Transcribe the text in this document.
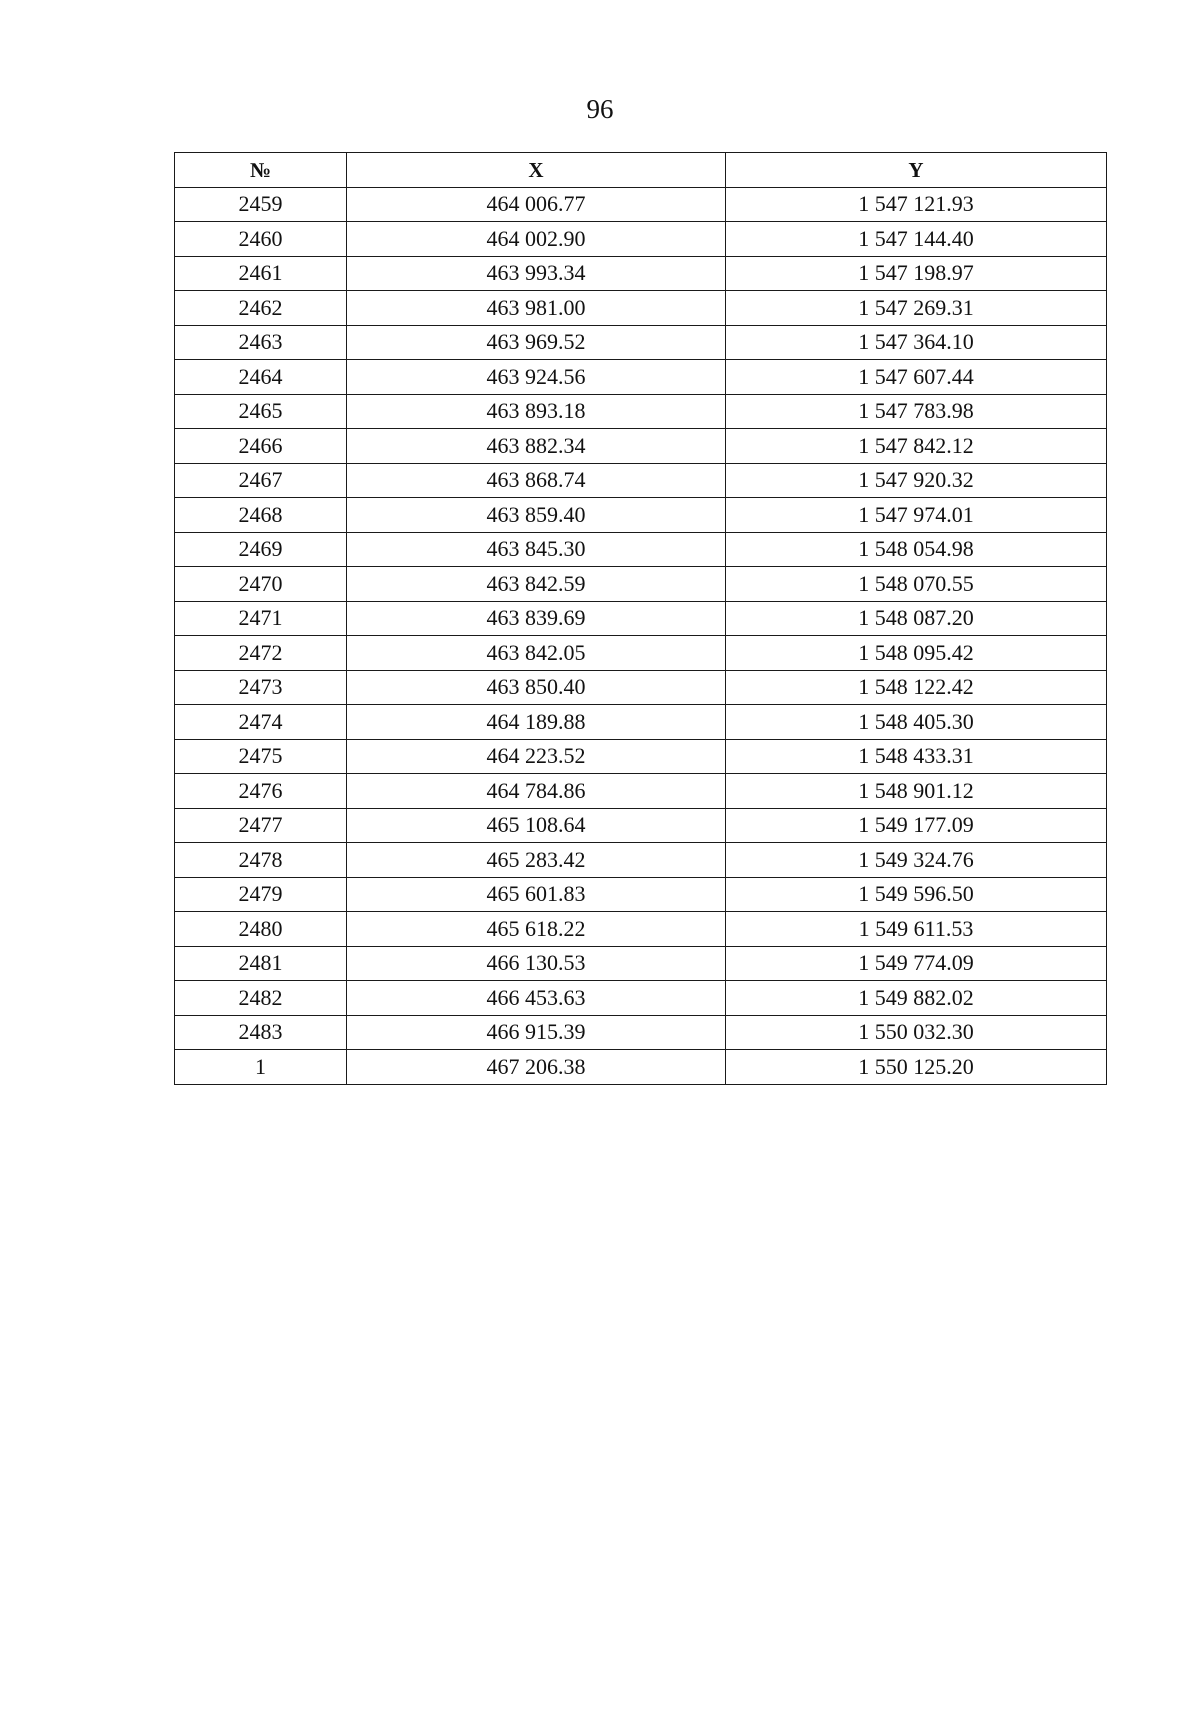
96
№	X	Y
2459	464 006.77	1 547 121.93
2460	464 002.90	1 547 144.40
2461	463 993.34	1 547 198.97
2462	463 981.00	1 547 269.31
2463	463 969.52	1 547 364.10
2464	463 924.56	1 547 607.44
2465	463 893.18	1 547 783.98
2466	463 882.34	1 547 842.12
2467	463 868.74	1 547 920.32
2468	463 859.40	1 547 974.01
2469	463 845.30	1 548 054.98
2470	463 842.59	1 548 070.55
2471	463 839.69	1 548 087.20
2472	463 842.05	1 548 095.42
2473	463 850.40	1 548 122.42
2474	464 189.88	1 548 405.30
2475	464 223.52	1 548 433.31
2476	464 784.86	1 548 901.12
2477	465 108.64	1 549 177.09
2478	465 283.42	1 549 324.76
2479	465 601.83	1 549 596.50
2480	465 618.22	1 549 611.53
2481	466 130.53	1 549 774.09
2482	466 453.63	1 549 882.02
2483	466 915.39	1 550 032.30
1	467 206.38	1 550 125.20
